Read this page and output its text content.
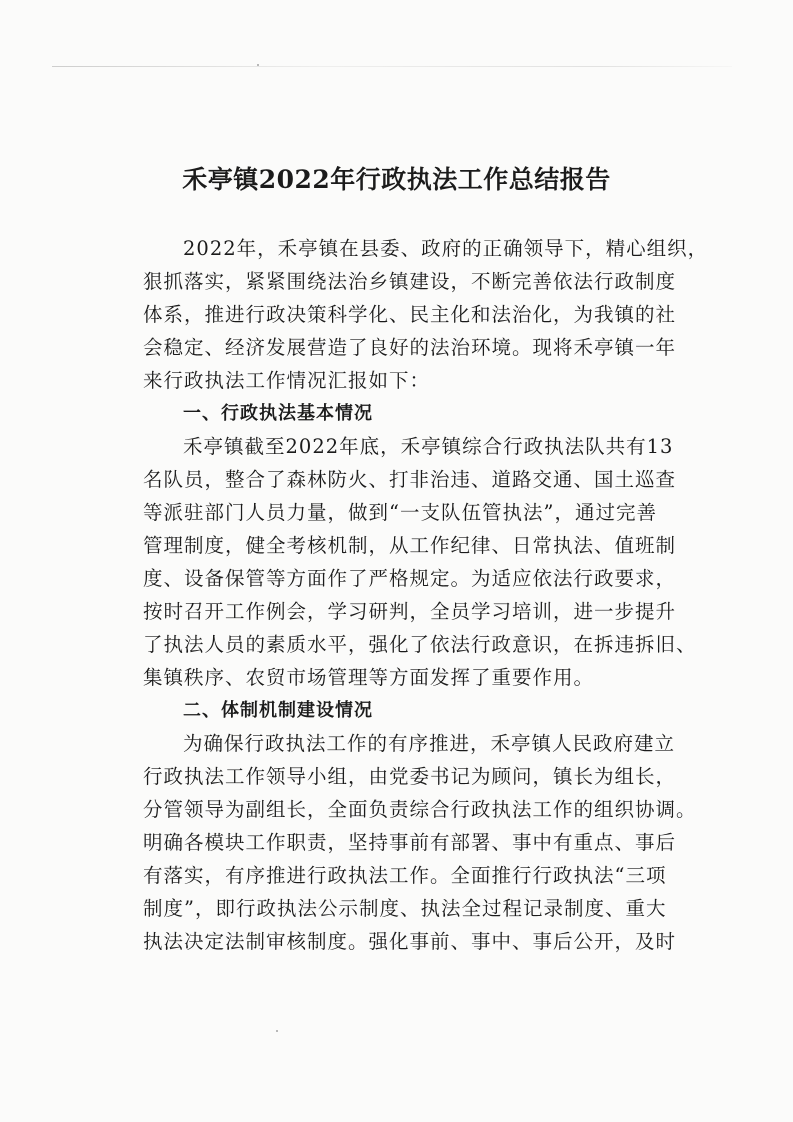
禾亭镇2022年行政执法工作总结报告
2022年，禾亭镇在县委、政府的正确领导下，精心组织，
狠抓落实，紧紧围绕法治乡镇建设，不断完善依法行政制度
体系，推进行政决策科学化、民主化和法治化，为我镇的社
会稳定、经济发展营造了良好的法治环境。现将禾亭镇一年
来行政执法工作情况汇报如下：
一、行政执法基本情况
禾亭镇截至2022年底，禾亭镇综合行政执法队共有13
名队员，整合了森林防火、打非治违、道路交通、国土巡查
等派驻部门人员力量，做到“一支队伍管执法”，通过完善
管理制度，健全考核机制，从工作纪律、日常执法、值班制
度、设备保管等方面作了严格规定。为适应依法行政要求，
按时召开工作例会，学习研判，全员学习培训，进一步提升
了执法人员的素质水平，强化了依法行政意识，在拆违拆旧、
集镇秩序、农贸市场管理等方面发挥了重要作用。
二、体制机制建设情况
为确保行政执法工作的有序推进，禾亭镇人民政府建立
行政执法工作领导小组，由党委书记为顾问，镇长为组长，
分管领导为副组长，全面负责综合行政执法工作的组织协调。
明确各模块工作职责，坚持事前有部署、事中有重点、事后
有落实，有序推进行政执法工作。全面推行行政执法“三项
制度”，即行政执法公示制度、执法全过程记录制度、重大
执法决定法制审核制度。强化事前、事中、事后公开，及时
